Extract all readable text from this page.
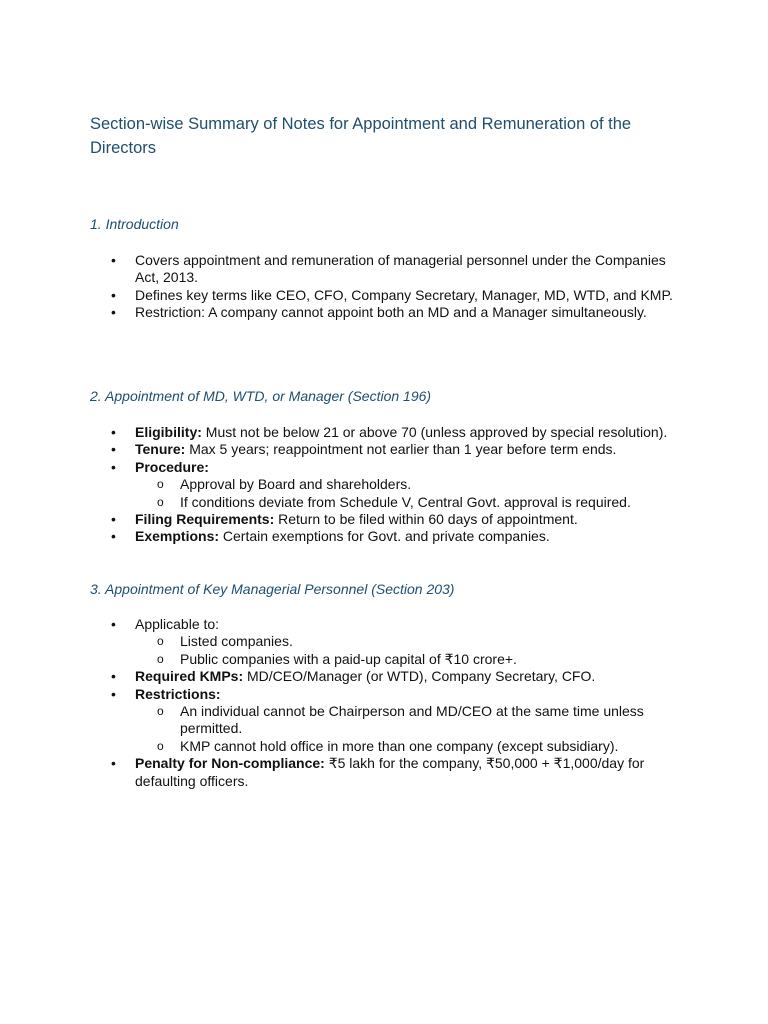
Section-wise Summary of Notes for Appointment and Remuneration of the Directors
1. Introduction
• Covers appointment and remuneration of managerial personnel under the Companies Act, 2013.
• Defines key terms like CEO, CFO, Company Secretary, Manager, MD, WTD, and KMP.
• Restriction: A company cannot appoint both an MD and a Manager simultaneously.
2. Appointment of MD, WTD, or Manager (Section 196)
• Eligibility: Must not be below 21 or above 70 (unless approved by special resolution).
• Tenure: Max 5 years; reappointment not earlier than 1 year before term ends.
• Procedure:
o Approval by Board and shareholders.
o If conditions deviate from Schedule V, Central Govt. approval is required.
• Filing Requirements: Return to be filed within 60 days of appointment.
• Exemptions: Certain exemptions for Govt. and private companies.
3. Appointment of Key Managerial Personnel (Section 203)
• Applicable to:
o Listed companies.
o Public companies with a paid-up capital of ₹10 crore+.
• Required KMPs: MD/CEO/Manager (or WTD), Company Secretary, CFO.
• Restrictions:
o An individual cannot be Chairperson and MD/CEO at the same time unless permitted.
o KMP cannot hold office in more than one company (except subsidiary).
• Penalty for Non-compliance: ₹5 lakh for the company, ₹50,000 + ₹1,000/day for defaulting officers.
